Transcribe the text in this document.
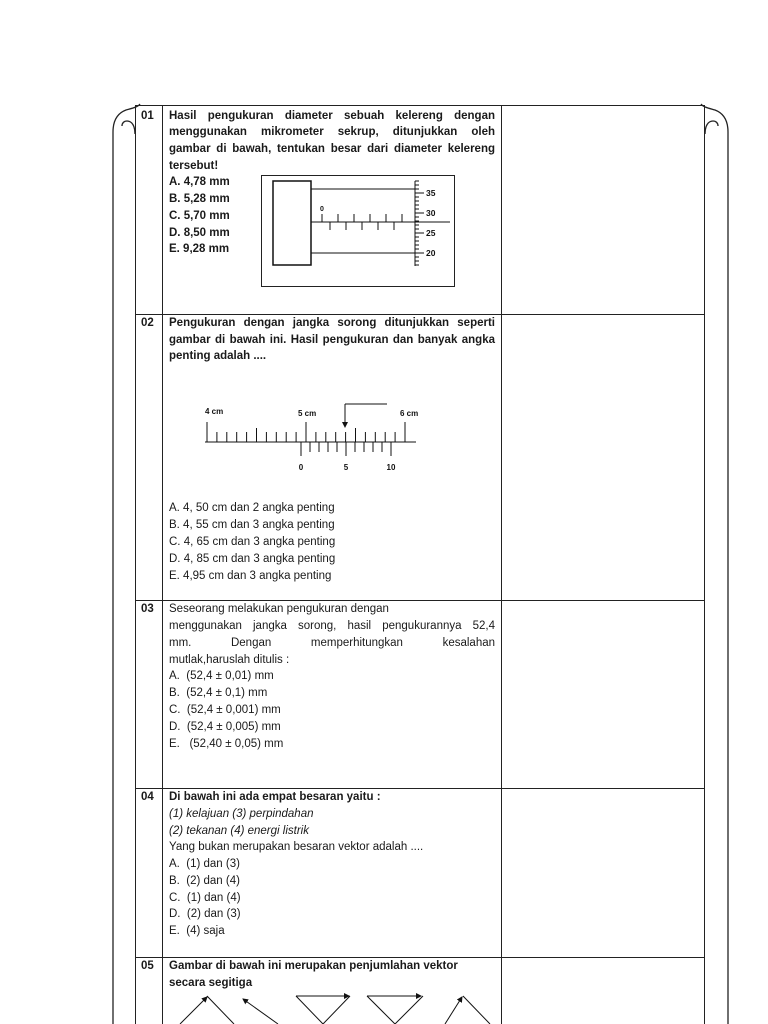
01 Hasil pengukuran diameter sebuah kelereng dengan
menggunakan mikrometer sekrup, ditunjukkan oleh
gambar di bawah, tentukan besar dari diameter kelereng
tersebut!
A. 4,78 mm
B. 5,28 mm
C. 5,70 mm
D. 8,50 mm
E. 9,28 mm
0
35
30
25
20
02 Pengukuran dengan jangka sorong ditunjukkan seperti
gambar di bawah ini. Hasil pengukuran dan banyak angka
penting adalah ....
4 cm	5 cm	6 cm
0	5	10
A. 4, 50 cm dan 2 angka penting
B. 4, 55 cm dan 3 angka penting
C. 4, 65 cm dan 3 angka penting
D. 4, 85 cm dan 3 angka penting
E. 4,95 cm dan 3 angka penting
03 Seseorang melakukan pengukuran dengan
menggunakan jangka sorong, hasil pengukurannya 52,4
mm. Dengan memperhitungkan kesalahan
mutlak,haruslah ditulis :
A.  (52,4 ± 0,01) mm
B.  (52,4 ± 0,1) mm
C.  (52,4 ± 0,001) mm
D.  (52,4 ± 0,005) mm
E.   (52,40 ± 0,05) mm
04 Di bawah ini ada empat besaran yaitu :
(1) kelajuan (3) perpindahan
(2) tekanan (4) energi listrik
Yang bukan merupakan besaran vektor adalah ....
A.  (1) dan (3)
B.  (2) dan (4)
C.  (1) dan (4)
D.  (2) dan (3)
E.  (4) saja
05 Gambar di bawah ini merupakan penjumlahan vektor
secara segitiga
